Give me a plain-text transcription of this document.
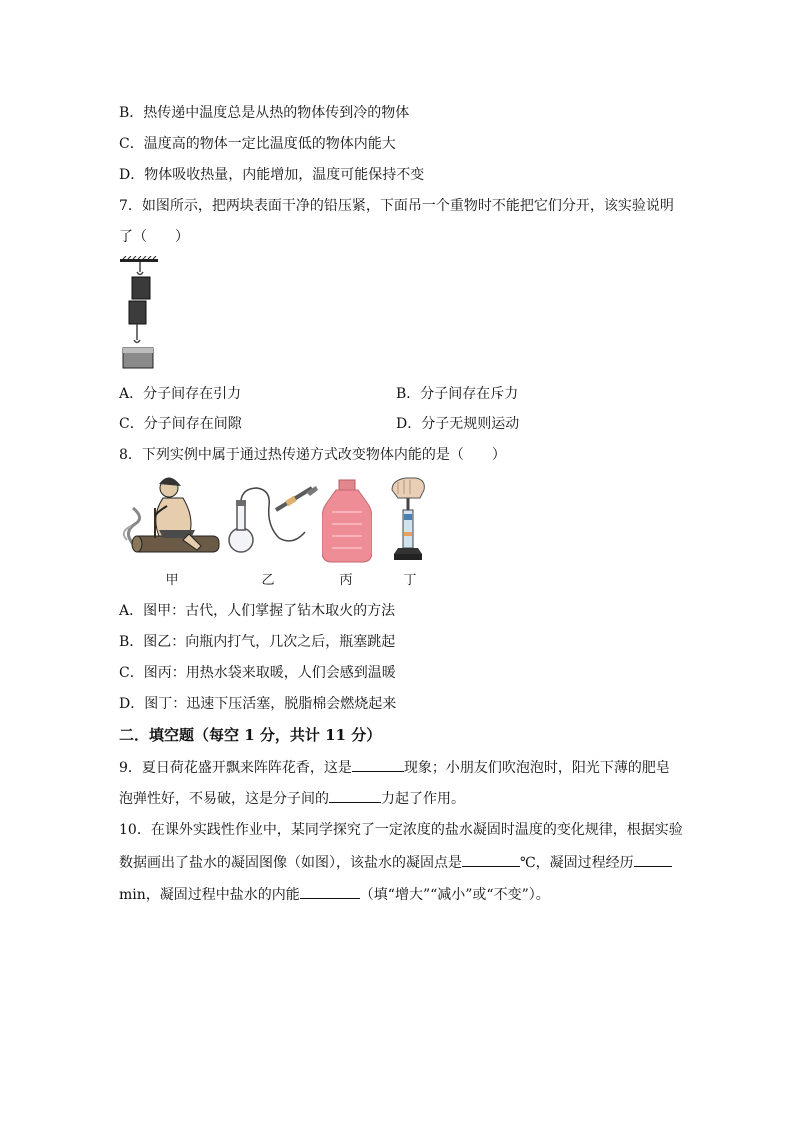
B．热传递中温度总是从热的物体传到冷的物体
C．温度高的物体一定比温度低的物体内能大
D．物体吸收热量，内能增加，温度可能保持不变
7．如图所示，把两块表面干净的铅压紧，下面吊一个重物时不能把它们分开，该实验说明
了（　　）
A．分子间存在引力	B．分子间存在斥力
C．分子间存在间隙	D．分子无规则运动
8．下列实例中属于通过热传递方式改变物体内能的是（　　）
甲	乙	丙	丁
A．图甲：古代，人们掌握了钻木取火的方法
B．图乙：向瓶内打气，几次之后，瓶塞跳起
C．图丙：用热水袋来取暖，人们会感到温暖
D．图丁：迅速下压活塞，脱脂棉会燃烧起来
二．填空题（每空 1 分，共计 11 分）
9．夏日荷花盛开飘来阵阵花香，这是	现象；小朋友们吹泡泡时，阳光下薄的肥皂
泡弹性好，不易破，这是分子间的	力起了作用。
10．在课外实践性作业中，某同学探究了一定浓度的盐水凝固时温度的变化规律，根据实验
数据画出了盐水的凝固图像（如图），该盐水的凝固点是	℃，凝固过程经历
min，凝固过程中盐水的内能	（填“增大”“减小”或“不变”）。
